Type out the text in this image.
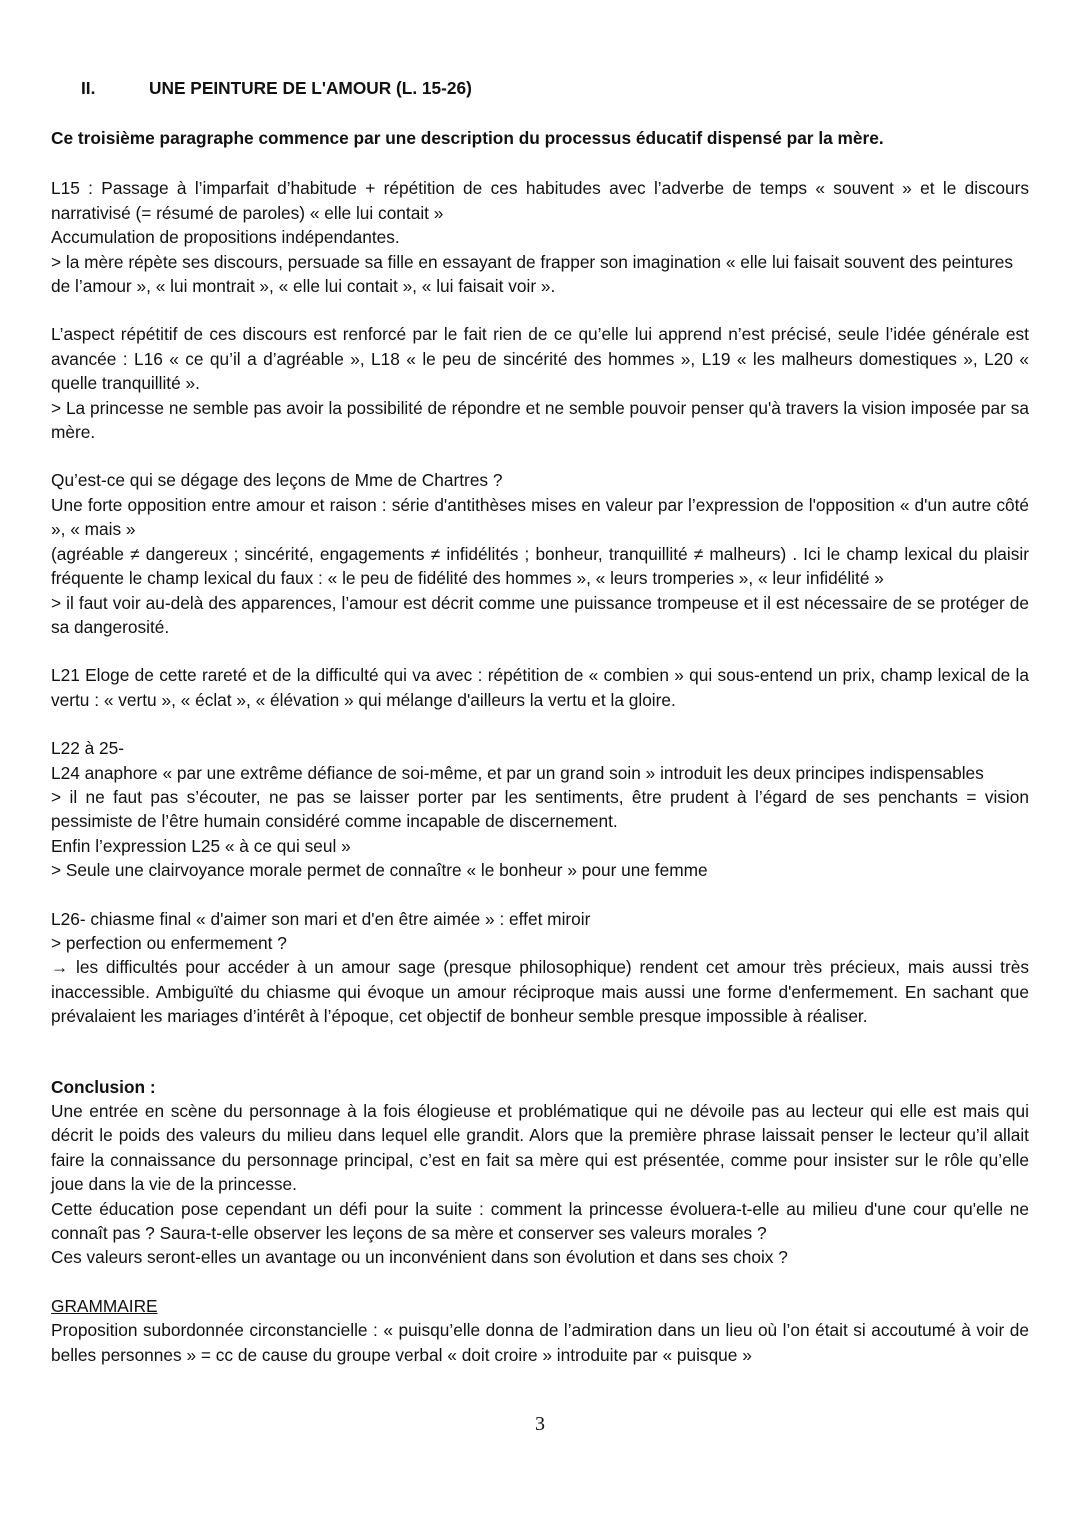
II.	UNE PEINTURE DE L'AMOUR (L. 15-26)

Ce troisième paragraphe commence par une description du processus éducatif dispensé par la mère.

L15 : Passage à l’imparfait d’habitude + répétition de ces habitudes avec l’adverbe de temps « souvent » et le discours narrativisé (= résumé de paroles) « elle lui contait »

Accumulation de propositions indépendantes.

> la mère répète ses discours, persuade sa fille en essayant de frapper son imagination « elle lui faisait souvent des peintures de l’amour », « lui montrait », « elle lui contait », « lui faisait voir ».

L’aspect répétitif de ces discours est renforcé par le fait rien de ce qu’elle lui apprend n’est précisé, seule l’idée générale est avancée : L16 « ce qu’il a d’agréable », L18 « le peu de sincérité des hommes », L19 « les malheurs domestiques », L20 « quelle tranquillité ».

> La princesse ne semble pas avoir la possibilité de répondre et ne semble pouvoir penser qu'à travers la vision imposée par sa mère.

Qu’est-ce qui se dégage des leçons de Mme de Chartres ?

Une forte opposition entre amour et raison : série d'antithèses mises en valeur par l’expression de l'opposition « d'un autre côté », « mais »

(agréable ≠ dangereux ; sincérité, engagements ≠ infidélités ; bonheur, tranquillité ≠ malheurs) . Ici le champ lexical du plaisir fréquente le champ lexical du faux : « le peu de fidélité des hommes », « leurs tromperies », « leur infidélité »

> il faut voir au-delà des apparences, l’amour est décrit comme une puissance trompeuse et il est nécessaire de se protéger de sa dangerosité.

L21 Eloge de cette rareté et de la difficulté qui va avec : répétition de « combien » qui sous-entend un prix, champ lexical de la vertu : « vertu », « éclat », « élévation » qui mélange d'ailleurs la vertu et la gloire.

L22 à 25-

L24 anaphore « par une extrême défiance de soi-même, et par un grand soin » introduit les deux principes indispensables

> il ne faut pas s’écouter, ne pas se laisser porter par les sentiments, être prudent à l’égard de ses penchants = vision pessimiste de l’être humain considéré comme incapable de discernement.

Enfin l’expression L25 « à ce qui seul »

> Seule une clairvoyance morale permet de connaître « le bonheur » pour une femme

L26- chiasme final « d'aimer son mari et d'en être aimée » : effet miroir

> perfection ou enfermement ?

→ les difficultés pour accéder à un amour sage (presque philosophique) rendent cet amour très précieux, mais aussi très inaccessible. Ambiguïté du chiasme qui évoque un amour réciproque mais aussi une forme d'enfermement. En sachant que prévalaient les mariages d’intérêt à l’époque, cet objectif de bonheur semble presque impossible à réaliser.

Conclusion :

Une entrée en scène du personnage à la fois élogieuse et problématique qui ne dévoile pas au lecteur qui elle est mais qui décrit le poids des valeurs du milieu dans lequel elle grandit. Alors que la première phrase laissait penser le lecteur qu’il allait faire la connaissance du personnage principal, c’est en fait sa mère qui est présentée, comme pour insister sur le rôle qu’elle joue dans la vie de la princesse.

Cette éducation pose cependant un défi pour la suite : comment la princesse évoluera-t-elle au milieu d'une cour qu'elle ne connaît pas ? Saura-t-elle observer les leçons de sa mère et conserver ses valeurs morales ?

Ces valeurs seront-elles un avantage ou un inconvénient dans son évolution et dans ses choix ?

GRAMMAIRE

Proposition subordonnée circonstancielle : « puisqu’elle donna de l’admiration dans un lieu où l’on était si accoutumé à voir de belles personnes » = cc de cause du groupe verbal « doit croire » introduite par « puisque »

3
